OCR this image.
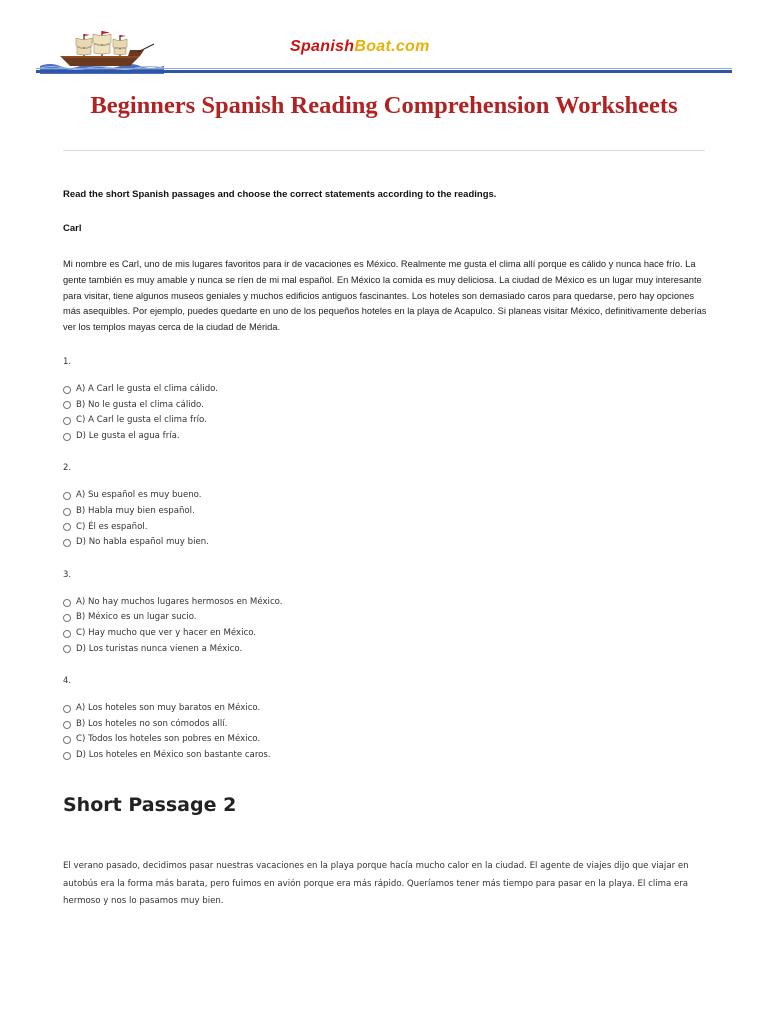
SpanishBoat.com
Beginners Spanish Reading Comprehension Worksheets

Read the short Spanish passages and choose the correct statements according to the readings.

Carl

Mi nombre es Carl, uno de mis lugares favoritos para ir de vacaciones es México. Realmente me gusta el clima allí porque es cálido y nunca hace frío. La gente también es muy amable y nunca se ríen de mi mal español. En México la comida es muy deliciosa. La ciudad de México es un lugar muy interesante para visitar, tiene algunos museos geniales y muchos edificios antiguos fascinantes. Los hoteles son demasiado caros para quedarse, pero hay opciones más asequibles. Por ejemplo, puedes quedarte en uno de los pequeños hoteles en la playa de Acapulco. Si planeas visitar México, definitivamente deberías ver los templos mayas cerca de la ciudad de Mérida.

1.

A) A Carl le gusta el clima cálido.
B) No le gusta el clima cálido.
C) A Carl le gusta el clima frío.
D) Le gusta el agua fría.

2.

A) Su español es muy bueno.
B) Habla muy bien español.
C) Él es español.
D) No habla español muy bien.

3.

A) No hay muchos lugares hermosos en México.
B) México es un lugar sucio.
C) Hay mucho que ver y hacer en México.
D) Los turistas nunca vienen a México.

4.

A) Los hoteles son muy baratos en México.
B) Los hoteles no son cómodos allí.
C) Todos los hoteles son pobres en México.
D) Los hoteles en México son bastante caros.
Short Passage 2

El verano pasado, decidimos pasar nuestras vacaciones en la playa porque hacía mucho calor en la ciudad. El agente de viajes dijo que viajar en autobús era la forma más barata, pero fuimos en avión porque era más rápido. Queríamos tener más tiempo para pasar en la playa. El clima era hermoso y nos lo pasamos muy bien.
